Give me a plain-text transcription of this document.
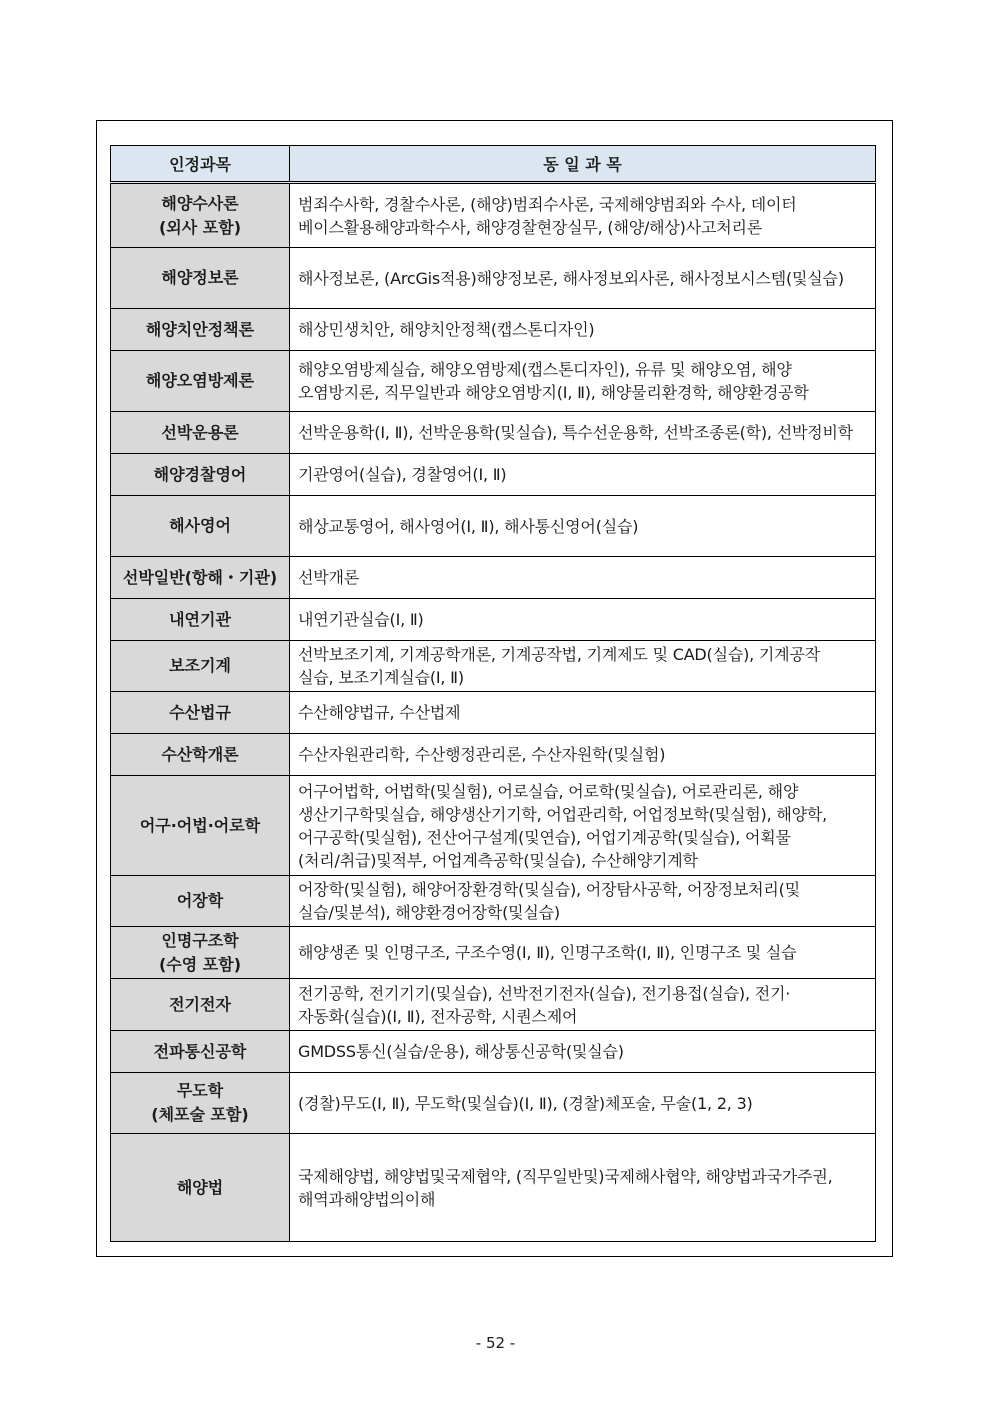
인정과목	동 일 과 목

해양수사론
(외사 포함)	범죄수사학, 경찰수사론, (해양)범죄수사론, 국제해양범죄와 수사, 데이터
베이스활용해양과학수사, 해양경찰현장실무, (해양/해상)사고처리론

해양정보론	해사정보론, (ArcGis적용)해양정보론, 해사정보외사론, 해사정보시스템(및실습)

해양치안정책론	해상민생치안, 해양치안정책(캡스톤디자인)

해양오염방제론	해양오염방제실습, 해양오염방제(캡스톤디자인), 유류 및 해양오염, 해양
오염방지론, 직무일반과 해양오염방지(Ⅰ, Ⅱ), 해양물리환경학, 해양환경공학

선박운용론	선박운용학(Ⅰ, Ⅱ), 선박운용학(및실습), 특수선운용학, 선박조종론(학), 선박정비학

해양경찰영어	기관영어(실습), 경찰영어(Ⅰ, Ⅱ)

해사영어	해상교통영어, 해사영어(Ⅰ, Ⅱ), 해사통신영어(실습)

선박일반(항해・기관)	선박개론

내연기관	내연기관실습(Ⅰ, Ⅱ)

보조기계	선박보조기계, 기계공학개론, 기계공작법, 기계제도 및 CAD(실습), 기계공작
실습, 보조기계실습(Ⅰ, Ⅱ)

수산법규	수산해양법규, 수산법제

수산학개론	수산자원관리학, 수산행정관리론, 수산자원학(및실험)

어구·어법·어로학	어구어법학, 어법학(및실험), 어로실습, 어로학(및실습), 어로관리론, 해양
생산기구학및실습, 해양생산기기학, 어업관리학, 어업정보학(및실험), 해양학,
어구공학(및실험), 전산어구설계(및연습), 어업기계공학(및실습), 어획물
(처리/취급)및적부, 어업계측공학(및실습), 수산해양기계학

어장학	어장학(및실험), 해양어장환경학(및실습), 어장탐사공학, 어장정보처리(및
실습/및분석), 해양환경어장학(및실습)

인명구조학
(수영 포함)	해양생존 및 인명구조, 구조수영(Ⅰ, Ⅱ), 인명구조학(Ⅰ, Ⅱ), 인명구조 및 실습

전기전자	전기공학, 전기기기(및실습), 선박전기전자(실습), 전기용접(실습), 전기·
자동화(실습)(Ⅰ, Ⅱ), 전자공학, 시퀀스제어

전파통신공학	GMDSS통신(실습/운용), 해상통신공학(및실습)

무도학
(체포술 포함)	(경찰)무도(Ⅰ, Ⅱ), 무도학(및실습)(Ⅰ, Ⅱ), (경찰)체포술, 무술(1, 2, 3)

해양법	국제해양법, 해양법및국제협약, (직무일반및)국제해사협약, 해양법과국가주권,
해역과해양법의이해
- 52 -
